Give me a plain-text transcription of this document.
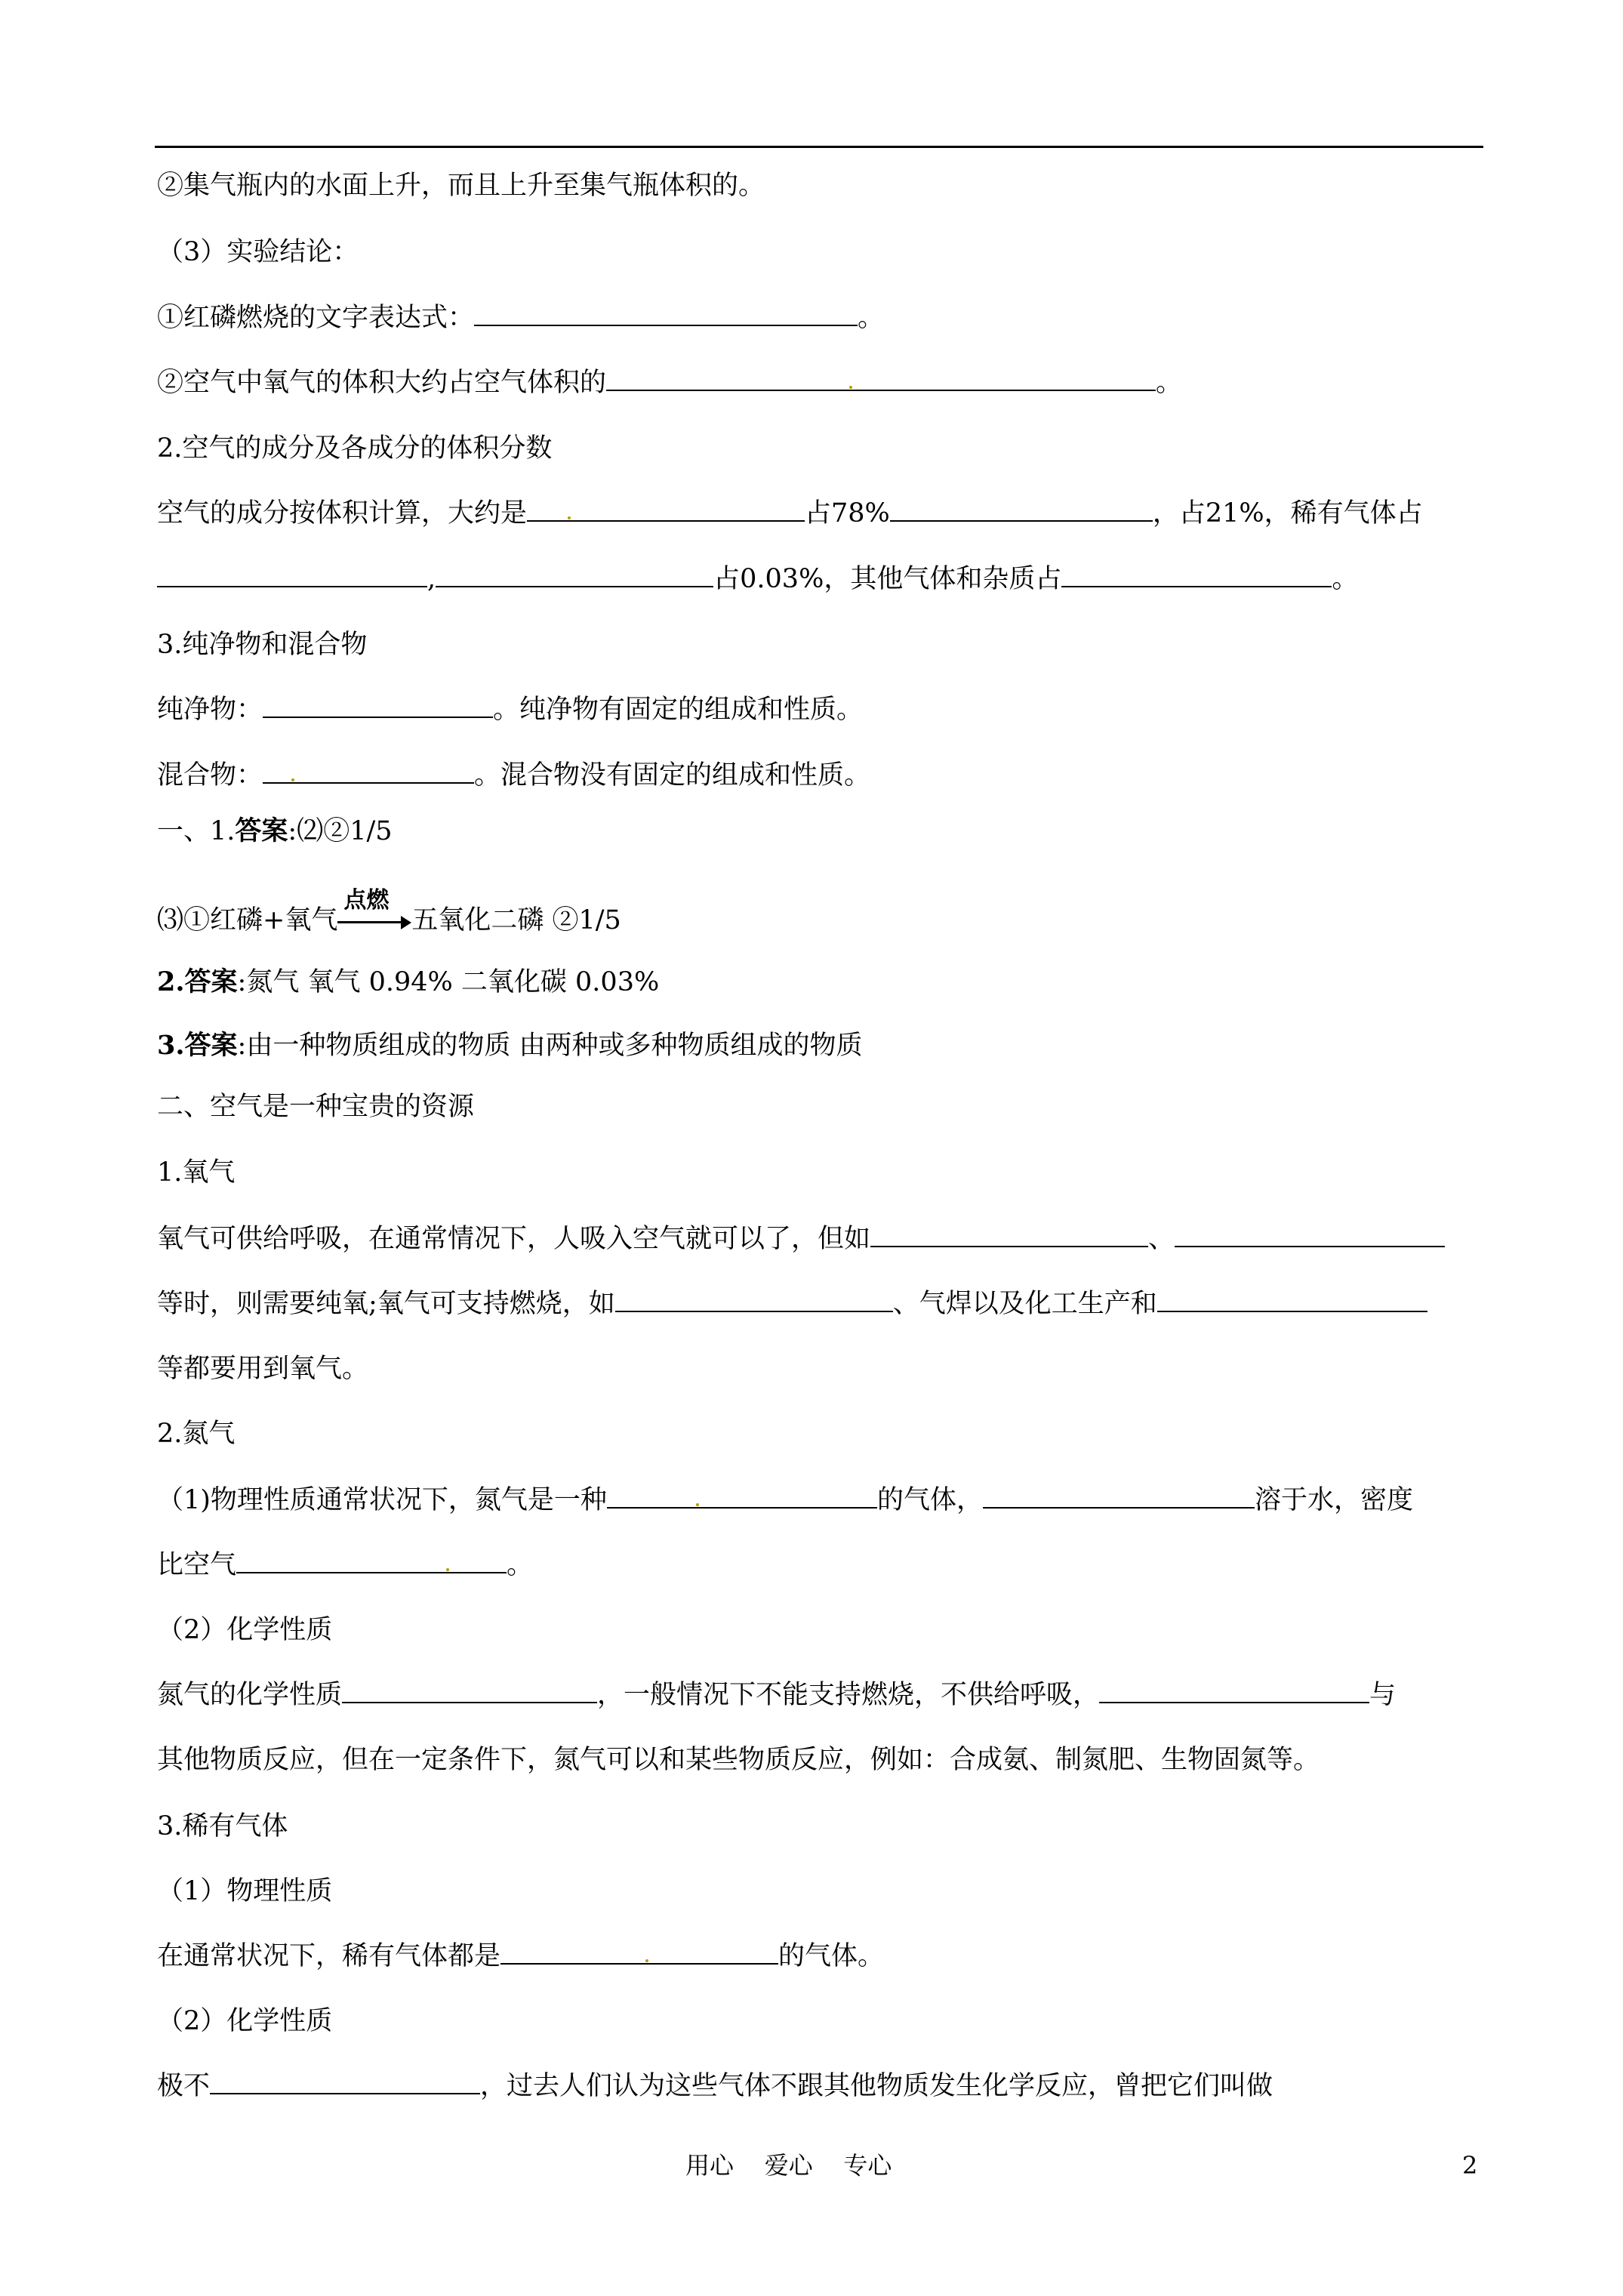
②集气瓶内的水面上升，而且上升至集气瓶体积的。
（3）实验结论：
①红磷燃烧的文字表达式：	。
②空气中氧气的体积大约占空气体积的	。
2.空气的成分及各成分的体积分数
空气的成分按体积计算，大约是	占78%	，占21%，稀有气体占
,	占0.03%，其他气体和杂质占	。
3.纯净物和混合物
纯净物：	。纯净物有固定的组成和性质。
混合物：	。混合物没有固定的组成和性质。
一、1.答案:⑵②1/5
⑶①红磷+氧气
点燃
五氧化二磷 ②1/5
2.答案:氮气 氧气 0.94% 二氧化碳 0.03%
3.答案:由一种物质组成的物质 由两种或多种物质组成的物质
二、空气是一种宝贵的资源
1.氧气
氧气可供给呼吸，在通常情况下，人吸入空气就可以了，但如	、
等时，则需要纯氧;氧气可支持燃烧，如	、气焊以及化工生产和
等都要用到氧气。
2.氮气
（1)物理性质通常状况下，氮气是一种	的气体，	溶于水，密度
比空气	。
（2）化学性质
氮气的化学性质	，一般情况下不能支持燃烧，不供给呼吸，	与
其他物质反应，但在一定条件下，氮气可以和某些物质反应，例如：合成氨、制氮肥、生物固氮等。
3.稀有气体
（1）物理性质
在通常状况下，稀有气体都是	的气体。
（2）化学性质
极不	，过去人们认为这些气体不跟其他物质发生化学反应，曾把它们叫做
用心    爱心    专心	2
